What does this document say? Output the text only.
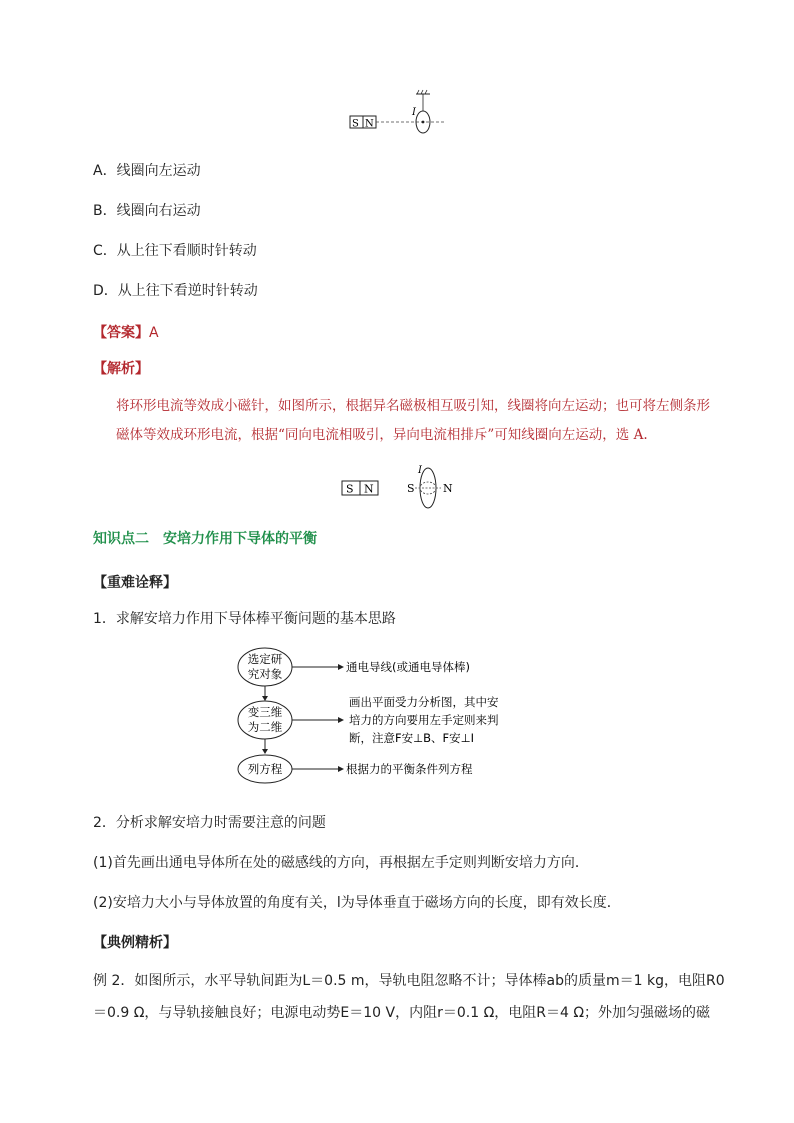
S N
I
A．线圈向左运动
B．线圈向右运动
C．从上往下看顺时针转动
D．从上往下看逆时针转动
【答案】A
【解析】
将环形电流等效成小磁针，如图所示，根据异名磁极相互吸引知，线圈将向左运动；也可将左侧条形磁体等效成环形电流，根据“同向电流相吸引，异向电流相排斥”可知线圈向左运动，选 A.
S N	S	N
I
知识点二　安培力作用下导体的平衡
【重难诠释】
1．求解安培力作用下导体棒平衡问题的基本思路
选定研
究对象	通电导线(或通电导体棒)
变三维
为二维
画出平面受力分析图，其中安
培力的方向要用左手定则来判
断，注意F安⊥B、F安⊥I
列方程	根据力的平衡条件列方程
2．分析求解安培力时需要注意的问题
(1)首先画出通电导体所在处的磁感线的方向，再根据左手定则判断安培力方向．
(2)安培力大小与导体放置的角度有关，l为导体垂直于磁场方向的长度，即有效长度．
【典例精析】
例 2．如图所示，水平导轨间距为L＝0.5 m，导轨电阻忽略不计；导体棒ab的质量m＝1 kg，电阻R0
＝0.9 Ω，与导轨接触良好；电源电动势E＝10 V，内阻r＝0.1 Ω，电阻R＝4 Ω；外加匀强磁场的磁
